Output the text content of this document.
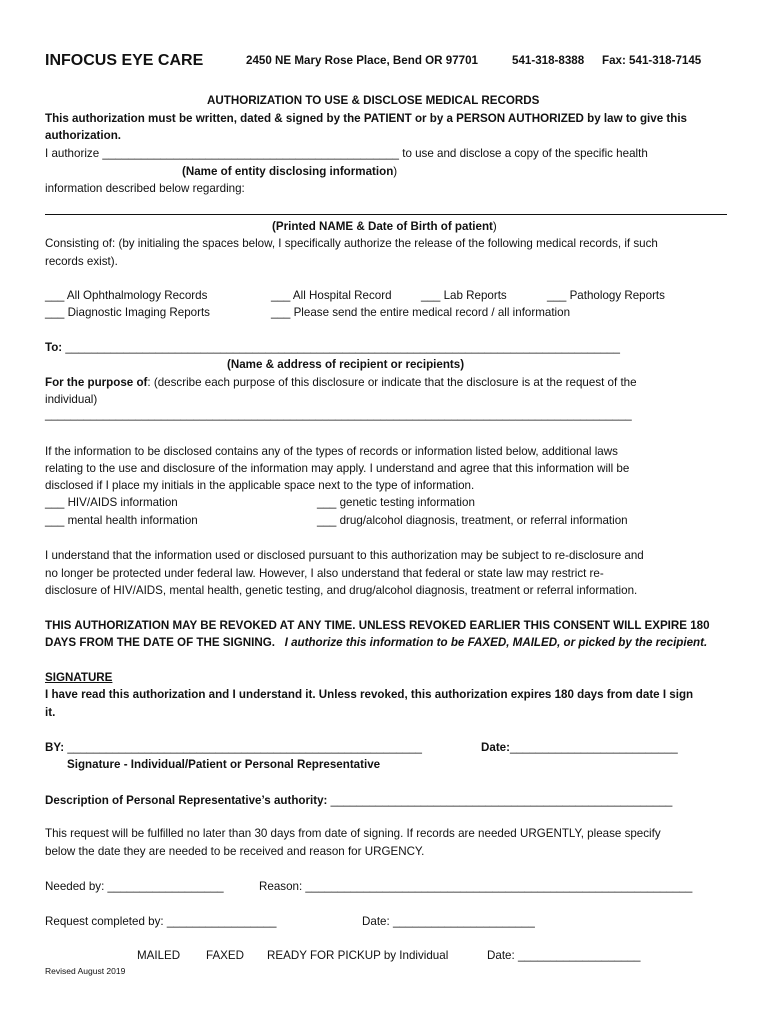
INFOCUS EYE CARE	2450 NE Mary Rose Place, Bend OR 97701	541-318-8388 Fax: 541-318-7145
AUTHORIZATION TO USE & DISCLOSE MEDICAL RECORDS
This authorization must be written, dated & signed by the PATIENT or by a PERSON AUTHORIZED by law to give this
authorization.
I authorize ______________________________________________ to use and disclose a copy of the specific health
(Name of entity disclosing information)
information described below regarding:
(Printed NAME & Date of Birth of patient)
Consisting of: (by initialing the spaces below, I specifically authorize the release of the following medical records, if such
records exist).
___ All Ophthalmology Records	___ All Hospital Record	___ Lab Reports	___ Pathology Reports
___ Diagnostic Imaging Reports	___ Please send the entire medical record / all information
To: ______________________________________________________________________________________
(Name & address of recipient or recipients)
For the purpose of: (describe each purpose of this disclosure or indicate that the disclosure is at the request of the
individual)
___________________________________________________________________________________________
If the information to be disclosed contains any of the types of records or information listed below, additional laws
relating to the use and disclosure of the information may apply. I understand and agree that this information will be
disclosed if I place my initials in the applicable space next to the type of information.
___ HIV/AIDS information	___ genetic testing information
___ mental health information	___ drug/alcohol diagnosis, treatment, or referral information
I understand that the information used or disclosed pursuant to this authorization may be subject to re-disclosure and
no longer be protected under federal law. However, I also understand that federal or state law may restrict re-
disclosure of HIV/AIDS, mental health, genetic testing, and drug/alcohol diagnosis, treatment or referral information.
THIS AUTHORIZATION MAY BE REVOKED AT ANY TIME. UNLESS REVOKED EARLIER THIS CONSENT WILL EXPIRE 180
DAYS FROM THE DATE OF THE SIGNING. I authorize this information to be FAXED, MAILED, or picked by the recipient.
SIGNATURE
I have read this authorization and I understand it. Unless revoked, this authorization expires 180 days from date I sign
it.
BY: _______________________________________________________	Date:__________________________
Signature - Individual/Patient or Personal Representative
Description of Personal Representative’s authority: _____________________________________________________
This request will be fulfilled no later than 30 days from date of signing. If records are needed URGENTLY, please specify
below the date they are needed to be received and reason for URGENCY.
Needed by: __________________	Reason: ____________________________________________________________
Request completed by: _________________	Date: ______________________
MAILED FAXED READY FOR PICKUP by Individual	Date: ___________________
Revised August 2019
